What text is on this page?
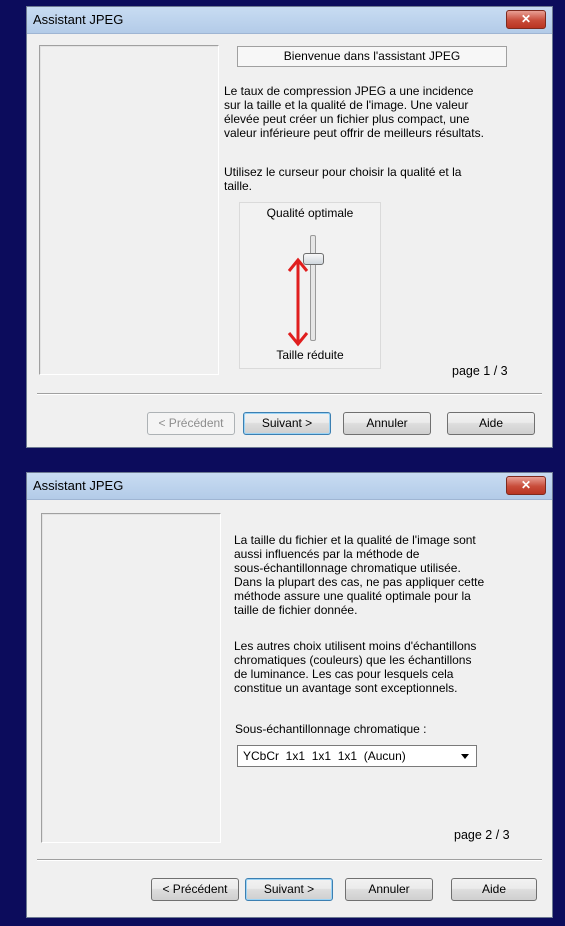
Assistant JPEG	✕
Bienvenue dans l'assistant JPEG
Le taux de compression JPEG a une incidence
sur la taille et la qualité de l'image. Une valeur
élevée peut créer un fichier plus compact, une
valeur inférieure peut offrir de meilleurs résultats.
Utilisez le curseur pour choisir la qualité et la
taille.
Qualité optimale
Taille réduite
page 1 / 3
< Précédent	Suivant >	Annuler	Aide
Assistant JPEG	✕
La taille du fichier et la qualité de l'image sont
aussi influencés par la méthode de
sous-échantillonnage chromatique utilisée.
Dans la plupart des cas, ne pas appliquer cette
méthode assure une qualité optimale pour la
taille de fichier donnée.
Les autres choix utilisent moins d'échantillons
chromatiques (couleurs) que les échantillons
de luminance. Les cas pour lesquels cela
constitue un avantage sont exceptionnels.
Sous-échantillonnage chromatique :
YCbCr  1x1  1x1  1x1  (Aucun)
page 2 / 3
< Précédent	Suivant >	Annuler	Aide
